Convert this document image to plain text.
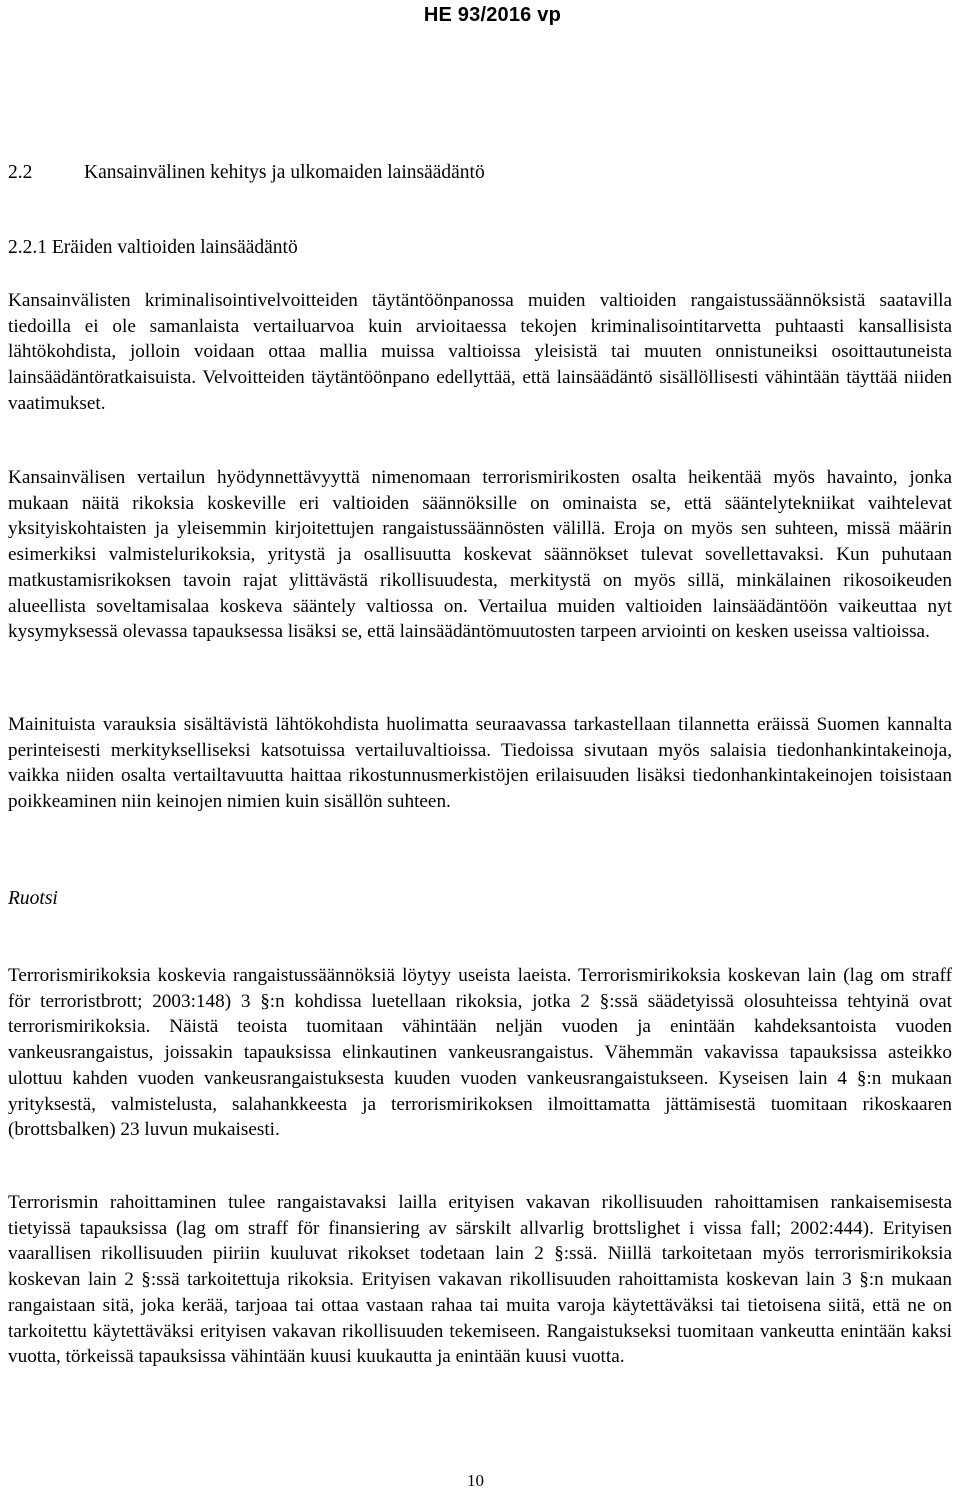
HE 93/2016 vp
2.2	Kansainvälinen kehitys ja ulkomaiden lainsäädäntö
2.2.1 Eräiden valtioiden lainsäädäntö
Kansainvälisten kriminalisointivelvoitteiden täytäntöönpanossa muiden valtioiden rangaistussäännöksistä saatavilla tiedoilla ei ole samanlaista vertailuarvoa kuin arvioitaessa tekojen kriminalisointitarvetta puhtaasti kansallisista lähtökohdista, jolloin voidaan ottaa mallia muissa valtioissa yleisistä tai muuten onnistuneiksi osoittautuneista lainsäädäntöratkaisuista. Velvoitteiden täytäntöönpano edellyttää, että lainsäädäntö sisällöllisesti vähintään täyttää niiden vaatimukset.
Kansainvälisen vertailun hyödynnettävyyttä nimenomaan terrorismirikosten osalta heikentää myös havainto, jonka mukaan näitä rikoksia koskeville eri valtioiden säännöksille on ominaista se, että sääntelytekniikat vaihtelevat yksityiskohtaisten ja yleisemmin kirjoitettujen rangaistussäännösten välillä. Eroja on myös sen suhteen, missä määrin esimerkiksi valmistelurikoksia, yritystä ja osallisuutta koskevat säännökset tulevat sovellettavaksi. Kun puhutaan matkustamisrikoksen tavoin rajat ylittävästä rikollisuudesta, merkitystä on myös sillä, minkälainen rikosoikeuden alueellista soveltamisalaa koskeva sääntely valtiossa on. Vertailua muiden valtioiden lainsäädäntöön vaikeuttaa nyt kysymyksessä olevassa tapauksessa lisäksi se, että lainsäädäntömuutosten tarpeen arviointi on kesken useissa valtioissa.
Mainituista varauksia sisältävistä lähtökohdista huolimatta seuraavassa tarkastellaan tilannetta eräissä Suomen kannalta perinteisesti merkitykselliseksi katsotuissa vertailuvaltioissa. Tiedoissa sivutaan myös salaisia tiedonhankintakeinoja, vaikka niiden osalta vertailtavuutta haittaa rikostunnusmerkistöjen erilaisuuden lisäksi tiedonhankintakeinojen toisistaan poikkeaminen niin keinojen nimien kuin sisällön suhteen.
Ruotsi
Terrorismirikoksia koskevia rangaistussäännöksiä löytyy useista laeista. Terrorismirikoksia koskevan lain (lag om straff för terroristbrott; 2003:148) 3 §:n kohdissa luetellaan rikoksia, jotka 2 §:ssä säädetyissä olosuhteissa tehtyinä ovat terrorismirikoksia. Näistä teoista tuomitaan vähintään neljän vuoden ja enintään kahdeksantoista vuoden vankeusrangaistus, joissakin tapauksissa elinkautinen vankeusrangaistus. Vähemmän vakavissa tapauksissa asteikko ulottuu kahden vuoden vankeusrangaistuksesta kuuden vuoden vankeusrangaistukseen. Kyseisen lain 4 §:n mukaan yrityksestä, valmistelusta, salahankkeesta ja terrorismirikoksen ilmoittamatta jättämisestä tuomitaan rikoskaaren (brottsbalken) 23 luvun mukaisesti.
Terrorismin rahoittaminen tulee rangaistavaksi lailla erityisen vakavan rikollisuuden rahoittamisen rankaisemisesta tietyissä tapauksissa (lag om straff för finansiering av särskilt allvarlig brottslighet i vissa fall; 2002:444). Erityisen vaarallisen rikollisuuden piiriin kuuluvat rikokset todetaan lain 2 §:ssä. Niillä tarkoitetaan myös terrorismirikoksia koskevan lain 2 §:ssä tarkoitettuja rikoksia. Erityisen vakavan rikollisuuden rahoittamista koskevan lain 3 §:n mukaan rangaistaan sitä, joka kerää, tarjoaa tai ottaa vastaan rahaa tai muita varoja käytettäväksi tai tietoisena siitä, että ne on tarkoitettu käytettäväksi erityisen vakavan rikollisuuden tekemiseen. Rangaistukseksi tuomitaan vankeutta enintään kaksi vuotta, törkeissä tapauksissa vähintään kuusi kuukautta ja enintään kuusi vuotta.
10
